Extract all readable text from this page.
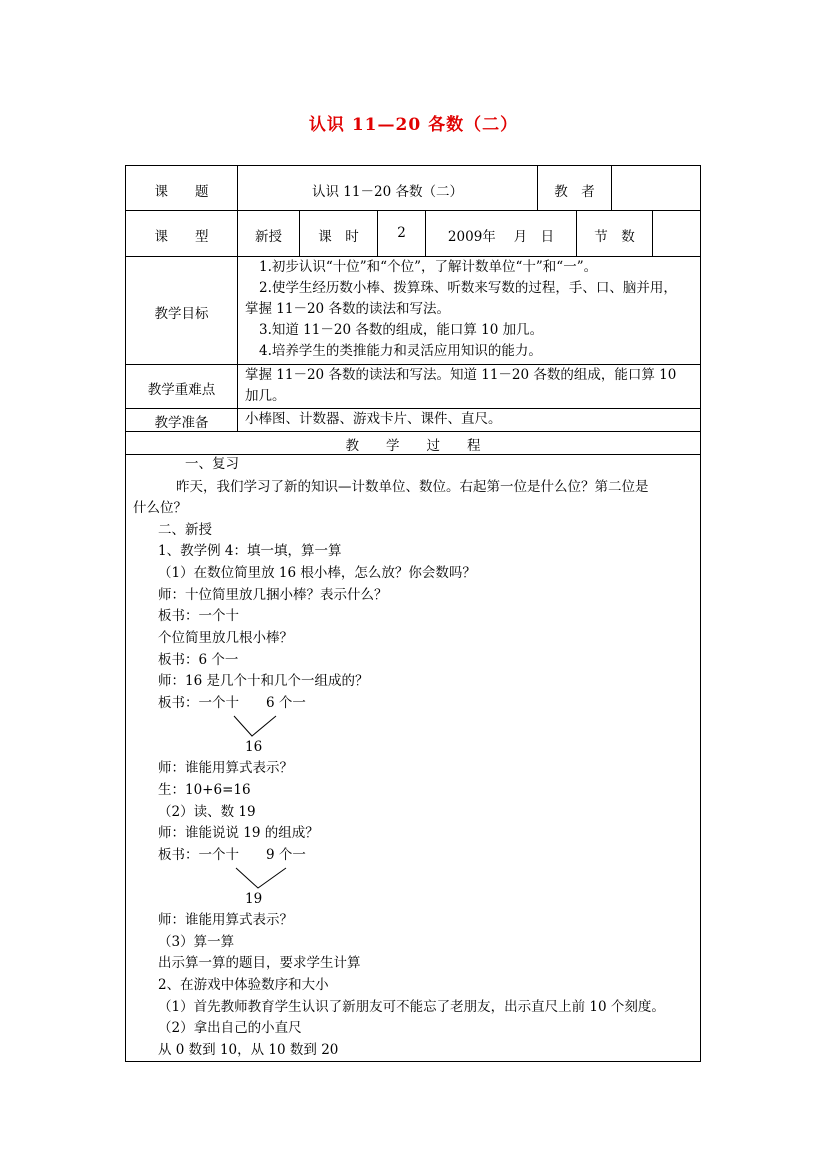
认识 11—20 各数（二）
课　　题	认识 11－20 各数（二）	教　者
课　　型	新授	课　时	2	2009年　 月　日	节　数
教学目标
1.初步认识“十位”和“个位”，了解计数单位“十”和“一”。
2.使学生经历数小棒、拨算珠、听数来写数的过程，手、口、脑并用，
掌握 11－20 各数的读法和写法。
3.知道 11－20 各数的组成，能口算 10 加几。
4.培养学生的类推能力和灵活应用知识的能力。
教学重难点
掌握 11－20 各数的读法和写法。知道 11－20 各数的组成，能口算 10
加几。
教学准备	小棒图、计数器、游戏卡片、课件、直尺。
教　　学　　过　　程
一、复习
昨天，我们学习了新的知识—计数单位、数位。右起第一位是什么位？第二位是
什么位？
二、新授
1、教学例 4：填一填，算一算
（1）在数位简里放 16 根小棒，怎么放？你会数吗？
师：十位简里放几捆小棒？表示什么？
板书：一个十
个位简里放几根小棒？
板书：6 个一
师：16 是几个十和几个一组成的？
板书：一个十 6 个一
16
师：谁能用算式表示？
生：10+6=16
（2）读、数 19
师：谁能说说 19 的组成？
板书：一个十 9 个一
19
师：谁能用算式表示？
（3）算一算
出示算一算的题目，要求学生计算
2、在游戏中体验数序和大小
（1）首先教师教育学生认识了新朋友可不能忘了老朋友，出示直尺上前 10 个刻度。
（2）拿出自己的小直尺
从 0 数到 10，从 10 数到 20
